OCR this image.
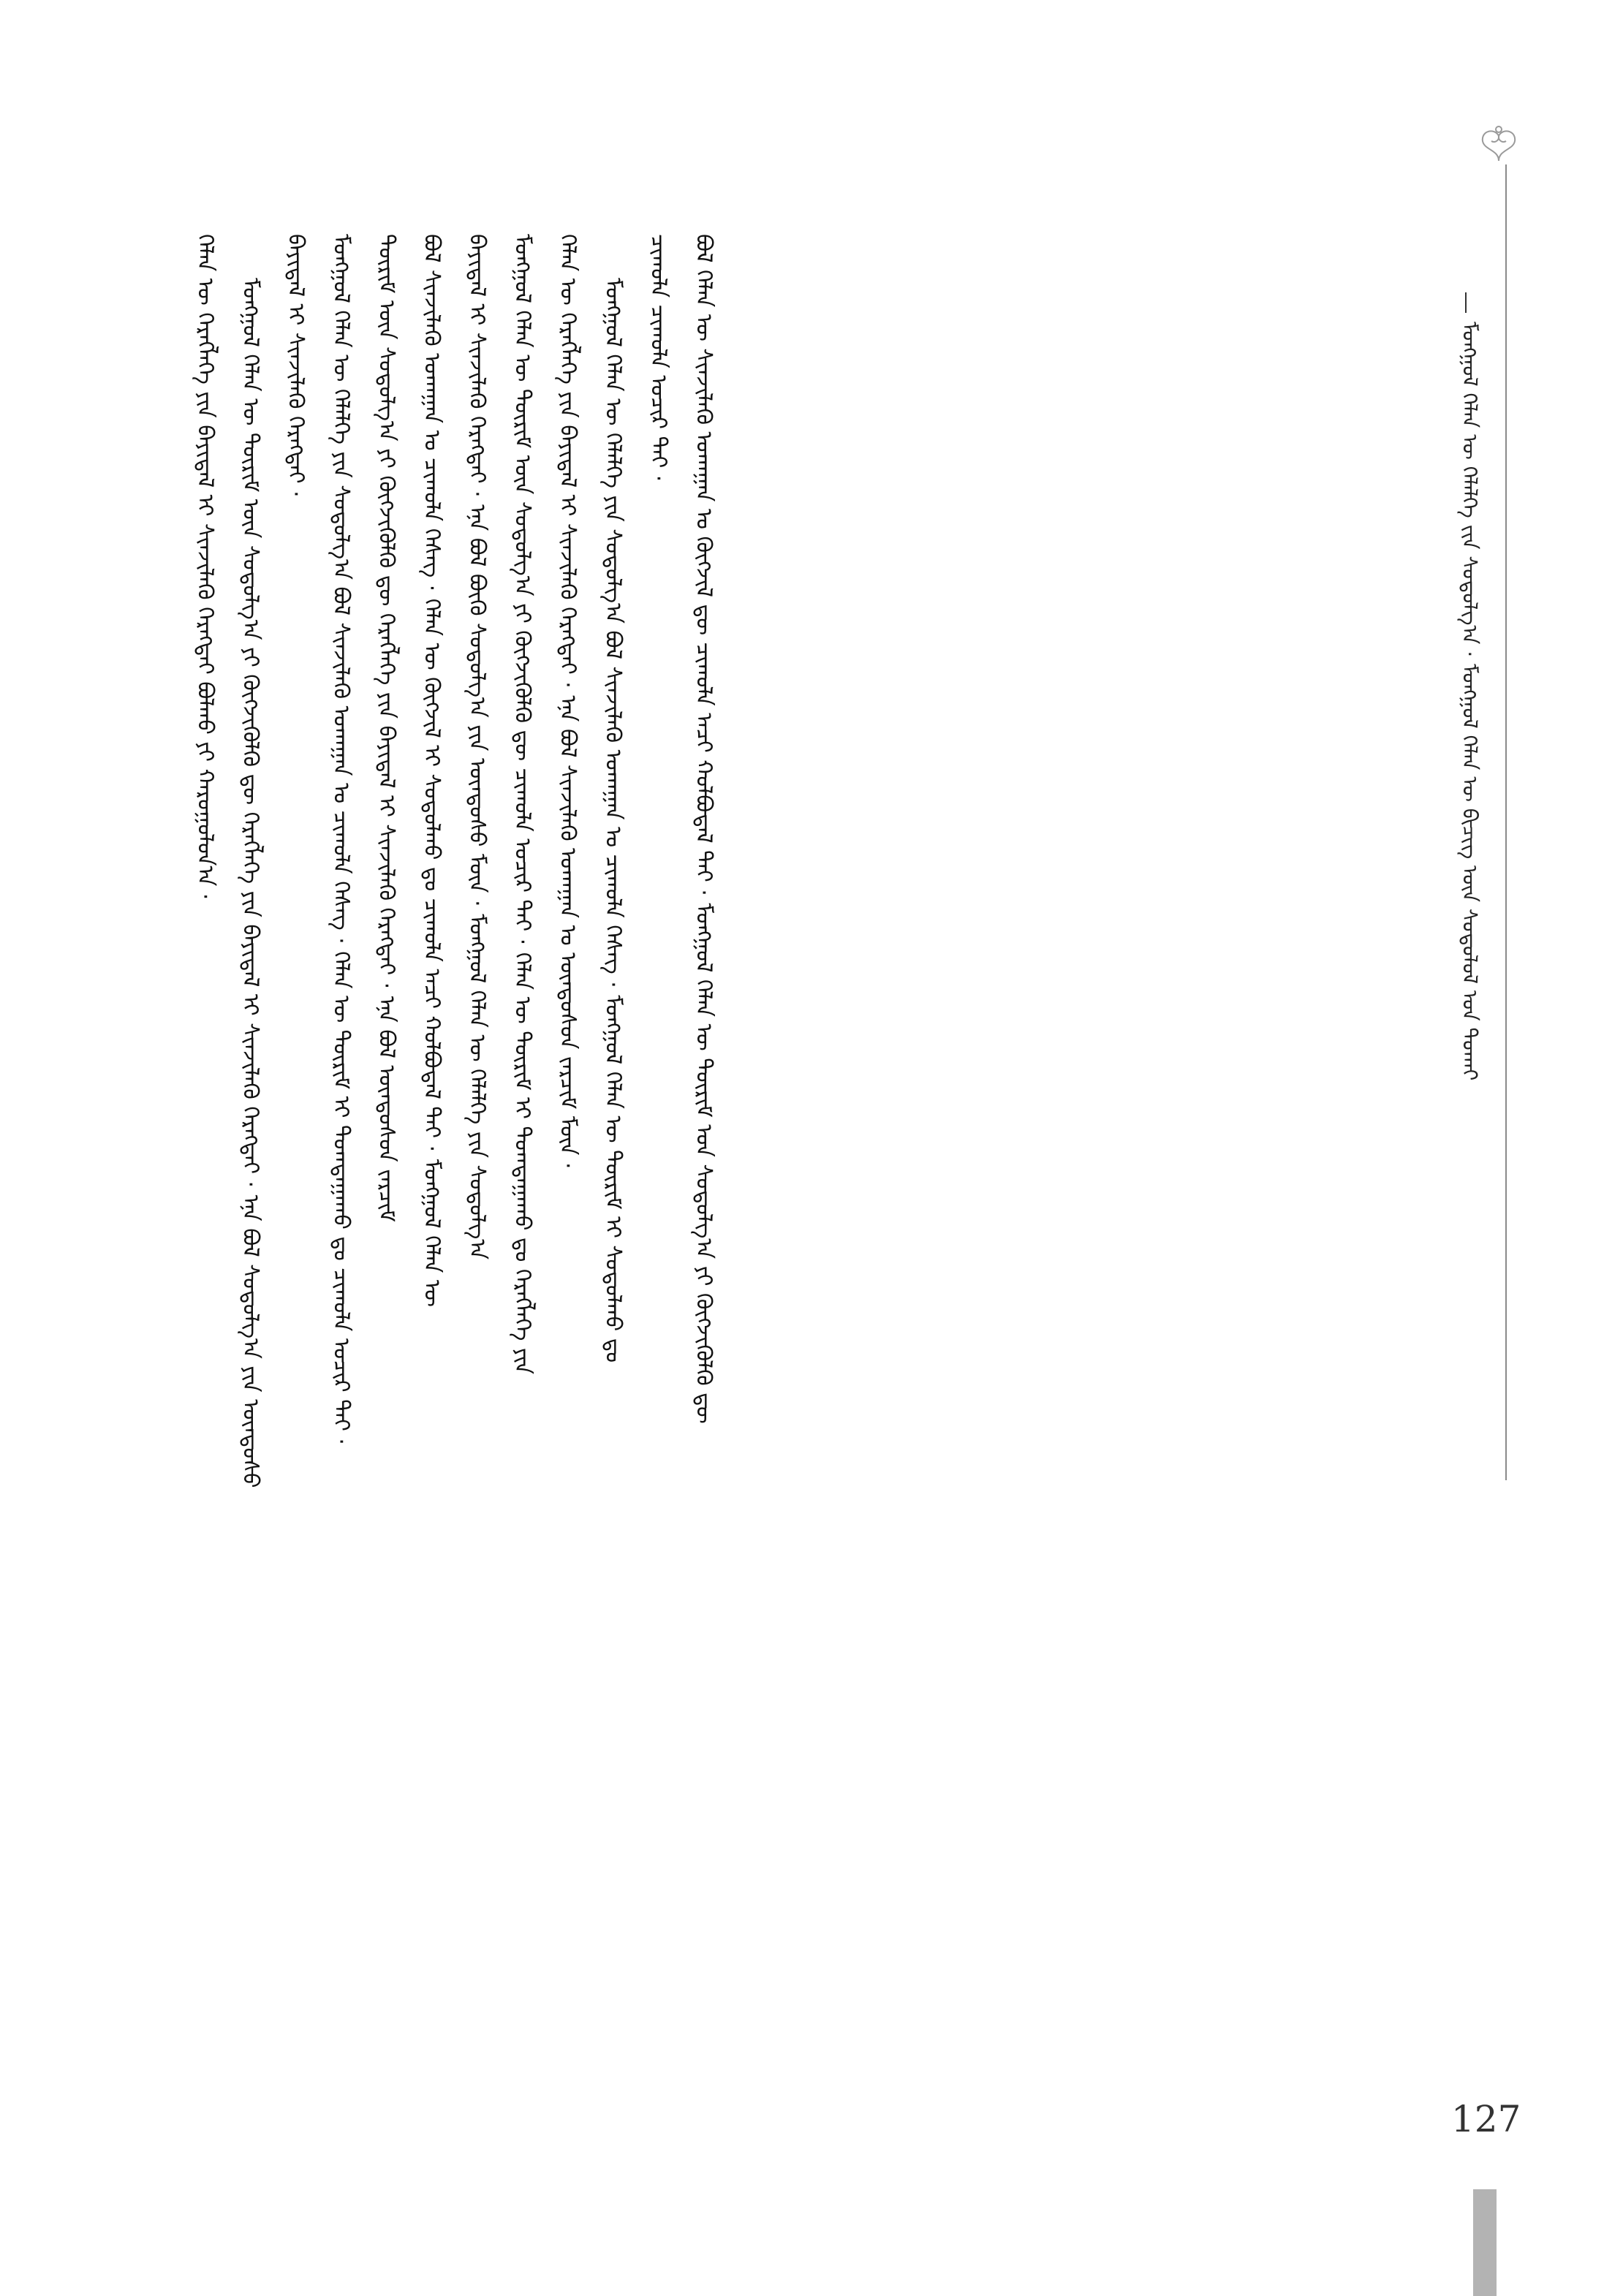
ᠮᠣᠩᠭᠣᠯ ᠬᠡᠯᠡᠨ ᠦ ᠬᠡᠯᠡᠯᠭᠡ ᠵᠢᠨ ᠰᠣᠳᠤᠯᠭ᠎ᠠ · ᠮᠣᠩᠭᠣᠯ ᠬᠡᠯᠡᠨ ᠦ ᠪᠢᠴᠢᠭ ᠦᠨ ᠰᠤᠳᠤᠯᠤᠯ ᠤᠨ ᠲᠤᠬᠠᠢ
ᠬᠡᠯᠡᠨ ᠦ ᠬᠡᠷᠡᠭᠯᠡᠭᠡ ᠶᠢᠨ ᠪᠠᠶᠢᠳᠠᠯ ᠢ ᠰᠢᠨᠵᠢᠯᠡᠬᠦ ᠬᠡᠷᠡᠭᠲᠡᠢ ᠪᠣᠯᠬᠤ ᠶᠢ ᠬᠠᠷᠤᠭᠤᠯᠤᠨ᠎ᠠ · ᠮᠣᠩᠭᠣᠯ ᠬᠡᠯᠡᠨ ᠦ ᠳᠦᠷᠢᠮ ᠦᠨ ᠰᠤᠳᠤᠯᠭ᠎ᠠ ᠶᠢ ᠬᠥᠭᠵᠢᠭᠦᠯᠬᠦ ᠳᠦ ᠬᠡᠷᠡᠭᠯᠡᠭᠡ ᠶᠢᠨ ᠪᠠᠶᠢᠳᠠᠯ ᠢ ᠰᠢᠨᠵᠢᠯᠡᠬᠦ ᠬᠡᠷᠡᠭᠲᠡᠢ · ᠡᠨᠡ ᠪᠣᠯ ᠰᠤᠳᠤᠯᠭ᠎ᠠ ᠶᠢᠨ ᠦᠨᠳᠦᠰᠦ ᠪᠠᠶᠢᠳᠠᠯ ᠢ ᠰᠢᠨᠵᠢᠯᠡᠬᠦ ᠬᠡᠷᠡᠭᠲᠡᠢ · ᠮᠣᠩᠭᠣᠯ ᠬᠡᠯᠡᠨ ᠦ ᠬᠡᠯᠡᠯᠭᠡ ᠶᠢᠨ ᠰᠤᠳᠤᠯᠭ᠎ᠠ ᠪᠣᠯ ᠰᠢᠨᠵᠢᠯᠡᠬᠦ ᠤᠬᠠᠭᠠᠨ ᠤ ᠴᠢᠬᠤᠯᠠ ᠬᠡᠰᠡᠭ · ᠬᠡᠯᠡᠨ ᠦ ᠳᠦᠷᠢᠮ ᠢ ᠲᠣᠭᠲᠠᠭᠠᠬᠤ ᠳᠤ ᠴᠢᠬᠤᠯᠠ ᠤᠴᠢᠷ ᠲᠠᠢ · ᠳᠦᠷᠢᠮ ᠦᠨ ᠰᠤᠳᠤᠯᠭ᠎ᠠ ᠶᠢ ᠬᠥᠭᠵᠢᠭᠦᠯᠬᠦ ᠳᠦ ᠬᠡᠷᠡᠭᠯᠡᠭᠡ ᠶᠢᠨ ᠪᠠᠶᠢᠳᠠᠯ ᠢ ᠰᠢᠨᠵᠢᠯᠡᠬᠦ ᠬᠡᠷᠡᠭᠲᠡᠢ · ᠡᠨᠡ ᠪᠣᠯ ᠦᠨᠳᠦᠰᠦᠨ ᠵᠠᠷᠴᠢᠮ ᠪᠣᠯ ᠰᠢᠨᠵᠢᠯᠡᠬᠦ ᠤᠬᠠᠭᠠᠨ ᠤ ᠴᠢᠬᠤᠯᠠ ᠬᠡᠰᠡᠭ · ᠬᠡᠯᠡᠨ ᠦ ᠬᠥᠭᠵᠢᠯ ᠢ ᠰᠤᠳᠤᠯᠬᠤ ᠳᠤ ᠴᠢᠬᠤᠯᠠ ᠠᠴᠢ ᠬᠣᠯᠪᠣᠳᠠᠯ ᠲᠠᠢ · ᠮᠣᠩᠭᠣᠯ ᠬᠡᠯᠡᠨ ᠦ ᠪᠠᠶᠢᠳᠠᠯ ᠢ ᠰᠢᠨᠵᠢᠯᠡᠬᠦ ᠬᠡᠷᠡᠭᠲᠡᠢ · ᠡᠨᠡ ᠪᠣᠯ ᠪᠦᠬᠦ ᠰᠤᠳᠤᠯᠭ᠎ᠠ ᠶᠢᠨ ᠦᠨᠳᠦᠰᠦ ᠮᠥᠨ · ᠮᠣᠩᠭᠣᠯ ᠬᠡᠯᠡᠨ ᠦ ᠬᠡᠯᠡᠯᠭᠡ ᠶᠢᠨ ᠰᠤᠳᠤᠯᠭ᠎ᠠ ᠮᠣᠩᠭᠣᠯ ᠬᠡᠯᠡᠨ ᠦ ᠳᠦᠷᠢᠮ ᠦᠨ ᠰᠤᠳᠤᠯᠭ᠎ᠠ ᠶᠢ ᠬᠥᠭᠵᠢᠭᠦᠯᠬᠦ ᠳᠦ ᠴᠢᠬᠤᠯᠠ ᠤᠴᠢᠷ ᠲᠠᠢ · ᠬᠡᠯᠡᠨ ᠦ ᠳᠦᠷᠢᠮ ᠢ ᠲᠣᠭᠲᠠᠭᠠᠬᠤ ᠳᠤ ᠬᠡᠷᠡᠭᠯᠡᠭᠡ ᠶᠢᠨ ᠬᠡᠯᠡᠨ ᠦ ᠬᠡᠷᠡᠭᠯᠡᠭᠡ ᠶᠢᠨ ᠪᠠᠶᠢᠳᠠᠯ ᠢ ᠰᠢᠨᠵᠢᠯᠡᠬᠦ ᠬᠡᠷᠡᠭᠲᠡᠢ · ᠡᠨᠡ ᠪᠣᠯ ᠰᠢᠨᠵᠢᠯᠡᠬᠦ ᠤᠬᠠᠭᠠᠨ ᠤ ᠦᠨᠳᠦᠰᠦᠨ ᠵᠠᠷᠴᠢᠮ ᠮᠥᠨ · ᠮᠣᠩᠭᠣᠯ ᠬᠡᠯᠡᠨ ᠦ ᠬᠡᠯᠡᠯᠭᠡ ᠶᠢᠨ ᠰᠤᠳᠤᠯᠭ᠎ᠠ ᠪᠣᠯ ᠰᠢᠨᠵᠢᠯᠡᠬᠦ ᠤᠬᠠᠭᠠᠨ ᠤ ᠴᠢᠬᠤᠯᠠ ᠬᠡᠰᠡᠭ · ᠮᠣᠩᠭᠣᠯ ᠬᠡᠯᠡᠨ ᠦ ᠳᠦᠷᠢᠮ ᠢ ᠰᠤᠳᠤᠯᠬᠤ ᠳᠤ ᠴᠢᠬᠤᠯᠠ ᠴᠢᠬᠤᠯᠠ ᠤᠴᠢᠷ ᠲᠠᠢ · ᠪᠣᠯ ᠬᠡᠯᠡᠨ ᠦ ᠰᠢᠨᠵᠢᠯᠡᠬᠦ ᠤᠬᠠᠭᠠᠨ ᠤ ᠬᠥᠭᠵᠢᠯ ᠳᠦ ᠴᠢᠬᠤᠯᠠ ᠠᠴᠢ ᠬᠣᠯᠪᠣᠳᠠᠯ ᠲᠠᠢ · ᠮᠣᠩᠭᠣᠯ ᠬᠡᠯᠡᠨ ᠦ ᠳᠦᠷᠢᠮ ᠤᠨ ᠰᠤᠳᠤᠯᠭ᠎ᠠ ᠶᠢ ᠬᠥᠭᠵᠢᠭᠦᠯᠬᠦ ᠳᠦ
127
